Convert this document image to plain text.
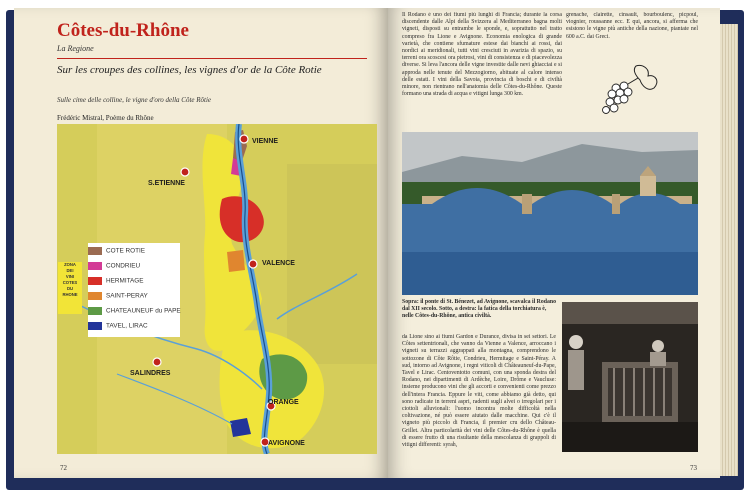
Côtes-du-Rhône
La Regione
Sur les croupes des collines, les vignes d'or de la Côte Rotie
Sulle cime delle colline, le vigne d'oro della Côte Rôtie
Frédéric Mistral, Poème du Rhône
VIENNE
S.ETIENNE
VALENCE
SALINDRES
ORANGE
AVIGNONE
ZONA
DEI
VINI
COTES
DU
RHONE
COTE ROTIE
CONDRIEU
HERMITAGE
SAINT-PERAY
CHATEAUNEUF du PAPE
TAVEL, LIRAC
72

Il Rodano è uno dei fiumi più lunghi di Francia; durante la corsa discendente dalle Alpi della Svizzera al Mediterraneo bagna molti vigneti, disposti su entrambe le sponde, e, soprattutto nel tratto compreso fra Lione e Avignone. Economia enologica di grande varietà, che contiene sfumature estese dai bianchi ai rossi, dai nordici ai meridionali, tutti vini cresciuti in avarizia di spazio, su terreni ora scoscesi ora pietrosi, vini di consistenza e di piacevolezza diverse. Si leva l'ancora delle vigne investite dalle nevi ghiacciai e si approda nelle tenute del Mezzogiorno, abituate al calore intenso delle estati. I vini della Savoia, provincia di boschi e di civiltà minore, non rientrano nell'anatomia delle Côtes-du-Rhône. Queste formano una strada di acqua e vitigni lunga 300 km.

grenache, clairette, cinsault, bourboulenc, picpoul, viognier, roussanne ecc. E qui, ancora, si afferma che esistono le vigne più antiche della nazione, piantate nel 600 a.C. dai Greci.

Sopra: il ponte di St. Bénezet, ad Avignone, scavalca il Rodano dal XII secolo. Sotto, a destra: la fatica della torchiatura è, nelle Côtes-du-Rhône, antica civiltà.

da Lione sino ai fiumi Gardon e Durance, divisa in sei settori. Le Côtes settentrionali, che vanno da Vienne a Valence, arroccano i vigneti su terrazzi aggrappati alla montagna, comprendono le sottozone di Côte Rôtie, Condrieu, Hermitage e Saint-Péray. A sud, intorno ad Avignone, i regni viticoli di Châteauneuf-du-Pape, Tavel e Lirac. Centoventotto comuni, con una sponda destra del Rodano, nei dipartimenti di Ardèche, Loire, Drôme e Vaucluse: insieme producono vini che gli accorti e convenienti come prezzo dell'intera Francia. Eppure le viti, come abbiamo già detto, qui sono radicate in terreni aspri, radenti sugli alvei o irregolari per i ciottoli alluvionali: l'uomo incontra molte difficoltà nella coltivazione, né può essere aiutato dalle macchine. Qui c'è il vigneto più piccolo di Francia, il premier cru dello Château-Grillet. Altra particolarità dei vini delle Côtes-du-Rhône è quella di essere frutto di una risultante della mescolanza di grappoli di vitigni differenti: syrah,

73
